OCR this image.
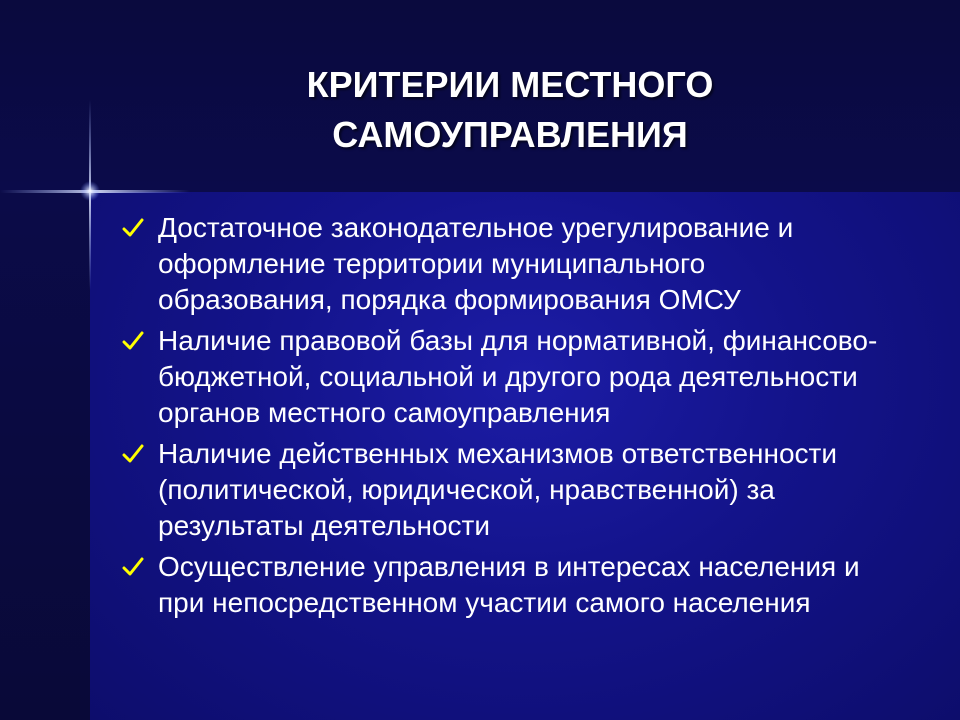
КРИТЕРИИ МЕСТНОГО
САМОУПРАВЛЕНИЯ
Достаточное законодательное урегулирование и оформление территории муниципального образования, порядка формирования ОМСУ
Наличие правовой базы для нормативной, финансово-бюджетной, социальной и другого рода деятельности органов местного самоуправления
Наличие действенных механизмов ответственности (политической, юридической, нравственной) за результаты деятельности
Осуществление управления в интересах населения и при непосредственном участии самого населения
